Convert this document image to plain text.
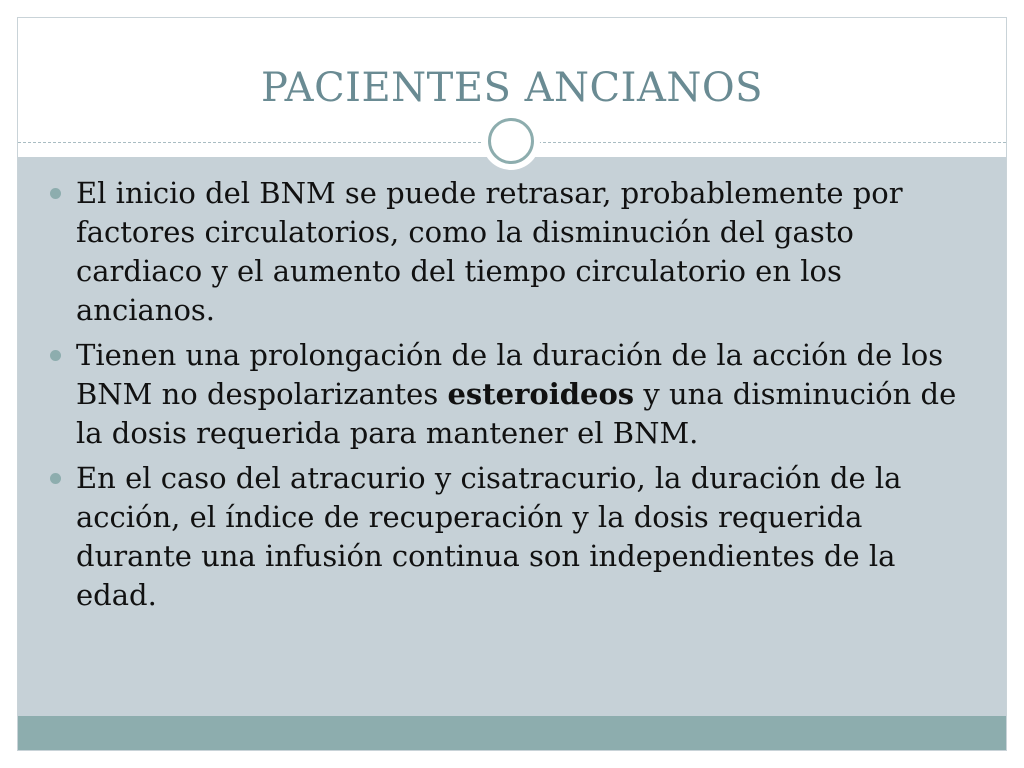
PACIENTES ANCIANOS
El inicio del BNM se puede retrasar, probablemente por factores circulatorios, como la disminución del gasto cardiaco y el aumento del tiempo circulatorio en los ancianos.
Tienen una prolongación de la duración de la acción de los BNM no despolarizantes esteroideos y una disminución de la dosis requerida para mantener el BNM.
En el caso del atracurio y cisatracurio, la duración de la acción, el índice de recuperación y la dosis requerida durante una infusión continua son independientes de la edad.
